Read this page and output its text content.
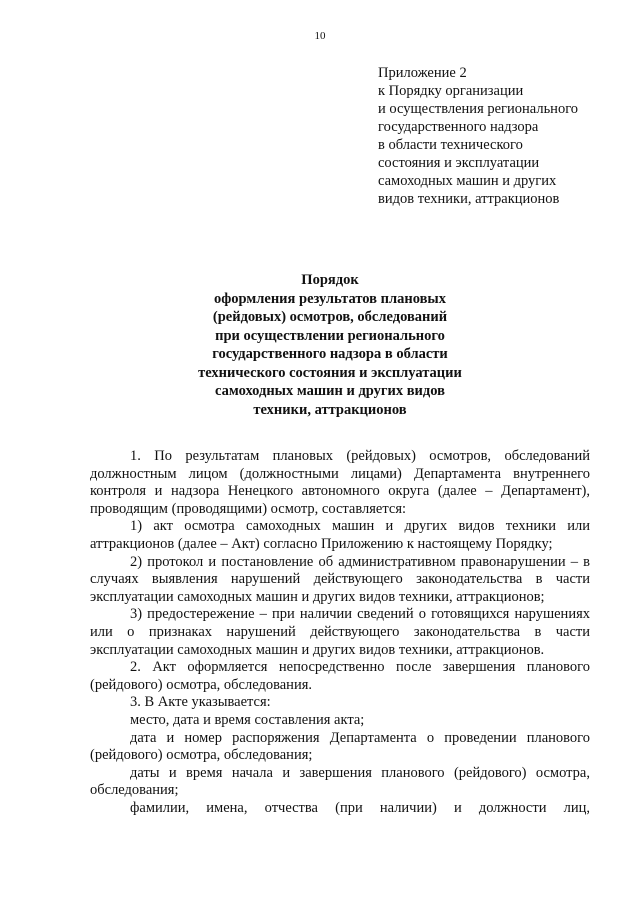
10
Приложение 2
к Порядку организации
и осуществления регионального
государственного надзора
в области технического
состояния и эксплуатации
самоходных машин и других
видов техники, аттракционов
Порядок
оформления результатов плановых
(рейдовых) осмотров, обследований
при осуществлении регионального
государственного надзора в области
технического состояния и эксплуатации
самоходных машин и других видов
техники, аттракционов

1. По результатам плановых (рейдовых) осмотров, обследований должностным лицом (должностными лицами) Департамента внутреннего контроля и надзора Ненецкого автономного округа (далее – Департамент), проводящим (проводящими) осмотр, составляется:

1) акт осмотра самоходных машин и других видов техники или аттракционов (далее – Акт) согласно Приложению к настоящему Порядку;

2) протокол и постановление об административном правонарушении – в случаях выявления нарушений действующего законодательства в части эксплуатации самоходных машин и других видов техники, аттракционов;

3) предостережение – при наличии сведений о готовящихся нарушениях или о признаках нарушений действующего законодательства в части эксплуатации самоходных машин и других видов техники, аттракционов.

2. Акт оформляется непосредственно после завершения планового (рейдового) осмотра, обследования.

3. В Акте указывается:

место, дата и время составления акта;

дата и номер распоряжения Департамента о проведении планового (рейдового) осмотра, обследования;

даты и время начала и завершения планового (рейдового) осмотра, обследования;

фамилии, имена, отчества (при наличии) и должности лиц,
